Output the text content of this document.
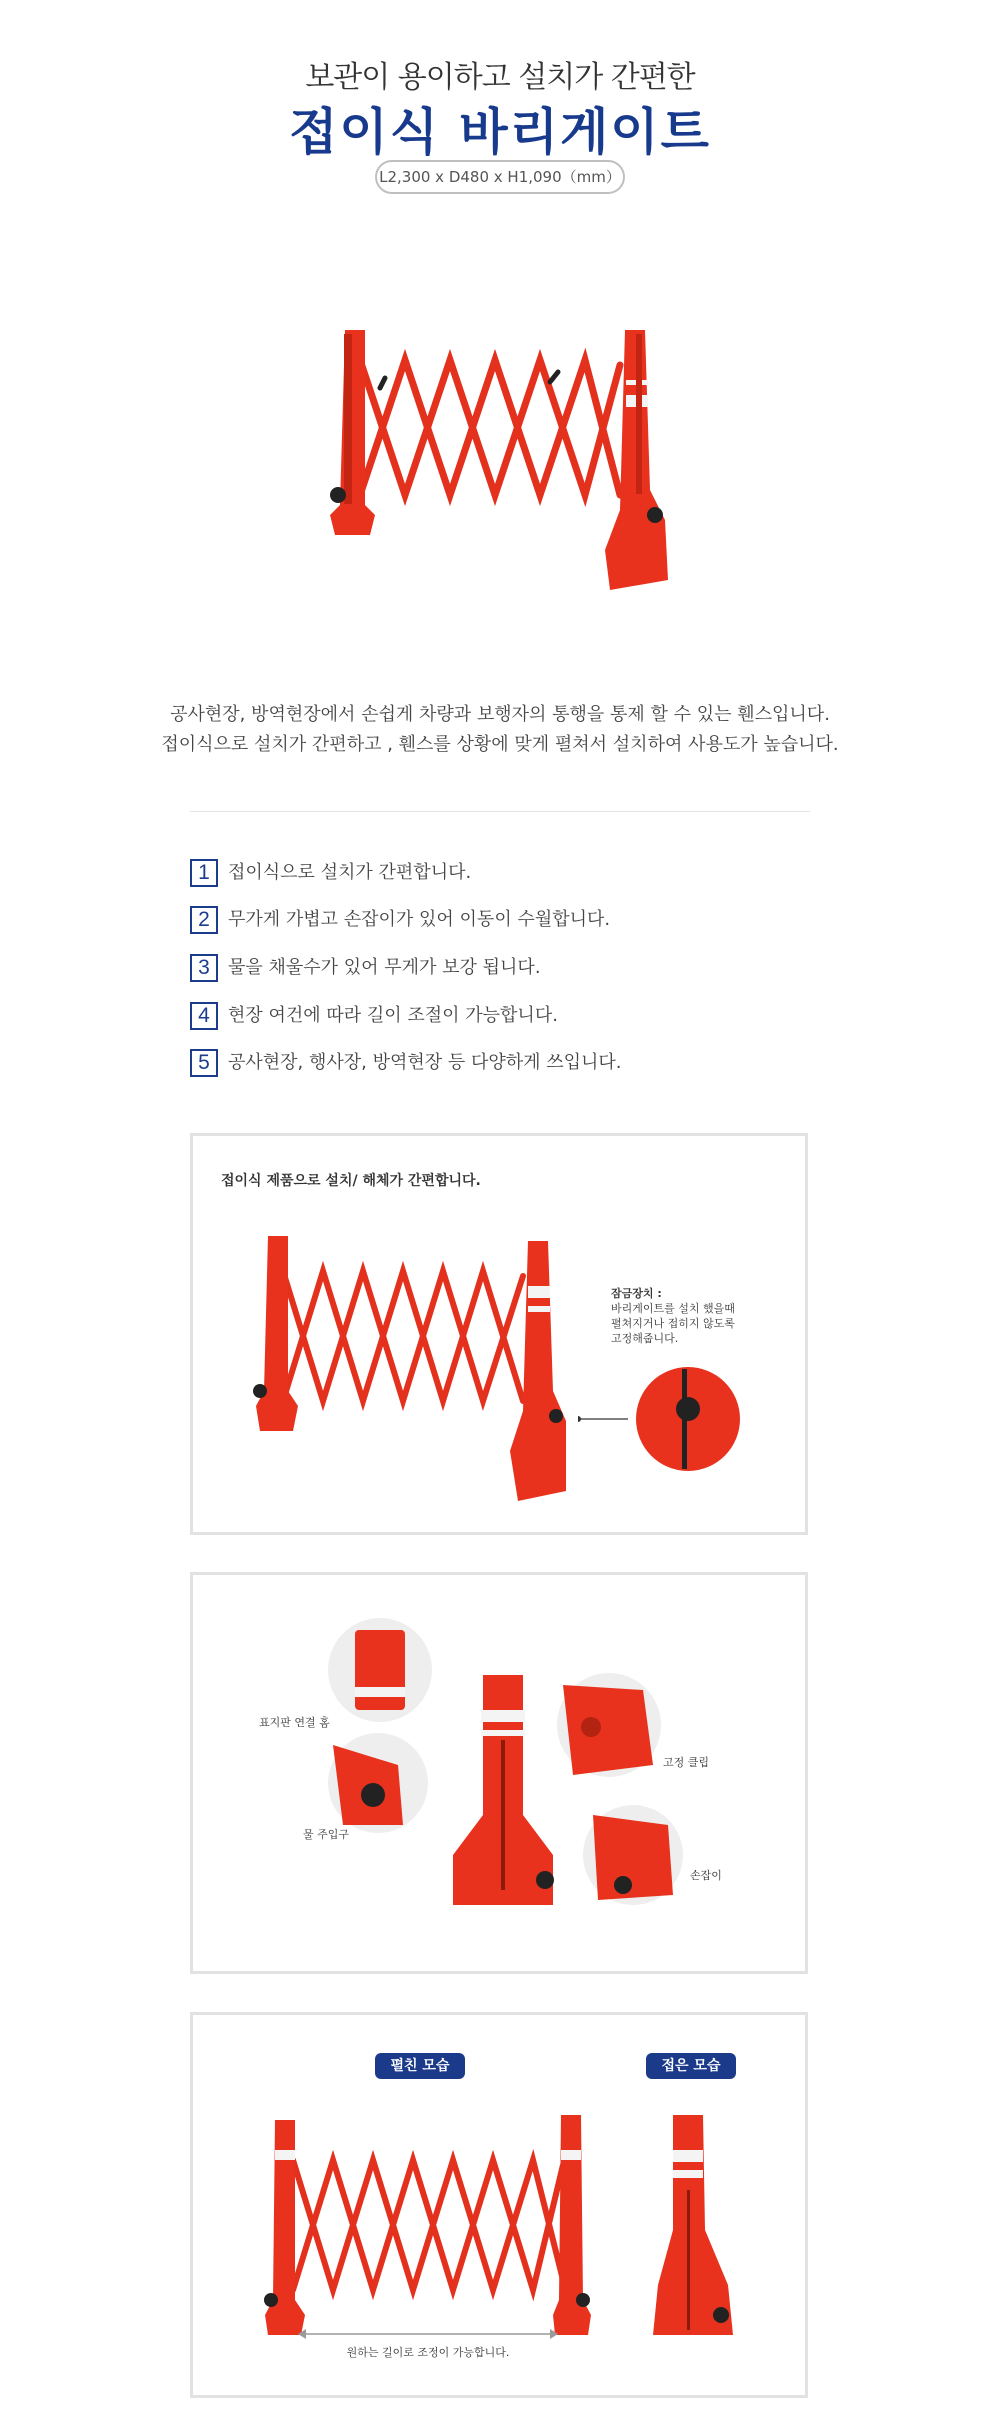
보관이 용이하고 설치가 간편한
접이식 바리게이트
L2,300 x D480 x H1,090（mm）
공사현장, 방역현장에서 손쉽게 차량과 보행자의 통행을 통제 할 수 있는 휀스입니다.
접이식으로 설치가 간편하고 , 휀스를 상황에 맞게 펼쳐서 설치하여 사용도가 높습니다.
1	접이식으로 설치가 간편합니다.
2	무가게 가볍고 손잡이가 있어 이동이 수월합니다.
3	물을 채울수가 있어 무게가 보강 됩니다.
4	현장 여건에 따라 길이 조절이 가능합니다.
5	공사현장, 행사장, 방역현장 등 다양하게 쓰입니다.
접이식 제품으로 설치/ 해체가 간편합니다.
잠금장치 :
바리게이트를 설치 했을때
펼쳐지거나 접히지 않도록
고정해줍니다.
표지판 연결 홈
물 주입구
고정 클립
손잡이
펼친 모습	접은 모습
원하는 길이로 조정이 가능합니다.
